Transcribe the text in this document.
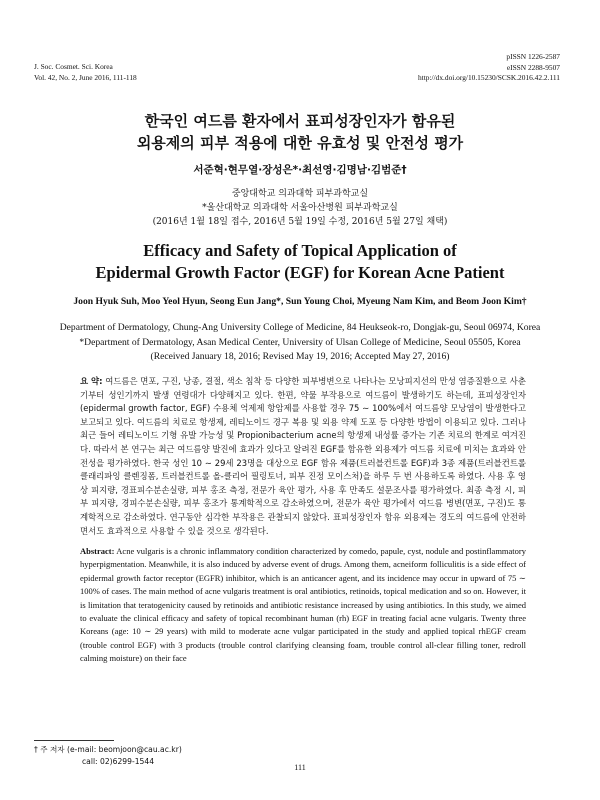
J. Soc. Cosmet. Sci. Korea
Vol. 42, No. 2, June 2016, 111-118
pISSN 1226-2587
eISSN 2288-9507
http://dx.doi.org/10.15230/SCSK.2016.42.2.111
한국인 여드름 환자에서 표피성장인자가 함유된
외용제의 피부 적용에 대한 유효성 및 안전성 평가
서준혁·현무열·장성은*·최선영·김명남·김범준†
중앙대학교 의과대학 피부과학교실
*울산대학교 의과대학 서울아산병원 피부과학교실
(2016년 1월 18일 접수, 2016년 5월 19일 수정, 2016년 5월 27일 채택)
Efficacy and Safety of Topical Application of
Epidermal Growth Factor (EGF) for Korean Acne Patient
Joon Hyuk Suh, Moo Yeol Hyun, Seong Eun Jang*, Sun Young Choi, Myeung Nam Kim, and Beom Joon Kim†
Department of Dermatology, Chung-Ang University College of Medicine, 84 Heukseok-ro, Dongjak-gu, Seoul 06974, Korea
*Department of Dermatology, Asan Medical Center, University of Ulsan College of Medicine, Seoul 05505, Korea
(Received January 18, 2016; Revised May 19, 2016; Accepted May 27, 2016)
요 약: 여드름은 면포, 구진, 낭종, 결절, 색소 침착 등 다양한 피부병변으로 나타나는 모낭피지선의 만성 염증질환으로 사춘기부터 성인기까지 발생 연령대가 다양해지고 있다. 한편, 약물 부작용으로 여드름이 발생하기도 하는데, 표피성장인자(epidermal growth factor, EGF) 수용체 억제제 항암제를 사용할 경우 75 ∼ 100%에서 여드름양 모낭염이 발생한다고 보고되고 있다. 여드름의 치료로 항생제, 레티노이드 경구 복용 및 외용 약제 도포 등 다양한 방법이 이용되고 있다. 그러나 최근 들어 레티노이드 기형 유발 가능성 및 Propionibacterium acne의 항생제 내성률 증가는 기존 치료의 한계로 여겨진다. 따라서 본 연구는 최근 여드름양 발진에 효과가 있다고 알려진 EGF를 함유한 외용제가 여드름 치료에 미치는 효과와 안전성을 평가하였다. 한국 성인 10 ∼ 29세 23명을 대상으로 EGF 함유 제품(트러블컨트롤 EGF)과 3종 제품(트러블컨트롤 클래리파잉 클렌징폼, 트러블컨트롤 올-클리어 필링토너, 피부 진정 모이스처)을 하루 두 번 사용하도록 하였다. 사용 후 영상 피지량, 경표피수분손실량, 피부 홍조 측정, 전문가 육안 평가, 사용 후 만족도 설문조사를 평가하였다. 최종 측정 시, 피부 피지량, 경피수분손실량, 피부 홍조가 통계학적으로 감소하였으며, 전문가 육안 평가에서 여드름 병변(면포, 구진)도 통계학적으로 감소하였다. 연구동안 심각한 부작용은 관찰되지 않았다. 표피성장인자 함유 외용제는 경도의 여드름에 안전하면서도 효과적으로 사용할 수 있을 것으로 생각된다.
Abstract: Acne vulgaris is a chronic inflammatory condition characterized by comedo, papule, cyst, nodule and postinflammatory hyperpigmentation. Meanwhile, it is also induced by adverse event of drugs. Among them, acneiform folliculitis is a side effect of epidermal growth factor receptor (EGFR) inhibitor, which is an anticancer agent, and its incidence may occur in upward of 75 ∼ 100% of cases. The main method of acne vulgaris treatment is oral antibiotics, retinoids, topical medication and so on. However, it is limitation that teratogenicity caused by retinoids and antibiotic resistance increased by using antibiotics. In this study, we aimed to evaluate the clinical efficacy and safety of topical recombinant human (rh) EGF in treating facial acne vulgaris. Twenty three Koreans (age: 10 ∼ 29 years) with mild to moderate acne vulgar participated in the study and applied topical rhEGF cream (trouble control EGF) with 3 products (trouble control clarifying cleansing foam, trouble control all-clear filling toner, redroll calming moisture) on their face
† 주 저자 (e-mail: beomjoon@cau.ac.kr)
call: 02)6299-1544
111
